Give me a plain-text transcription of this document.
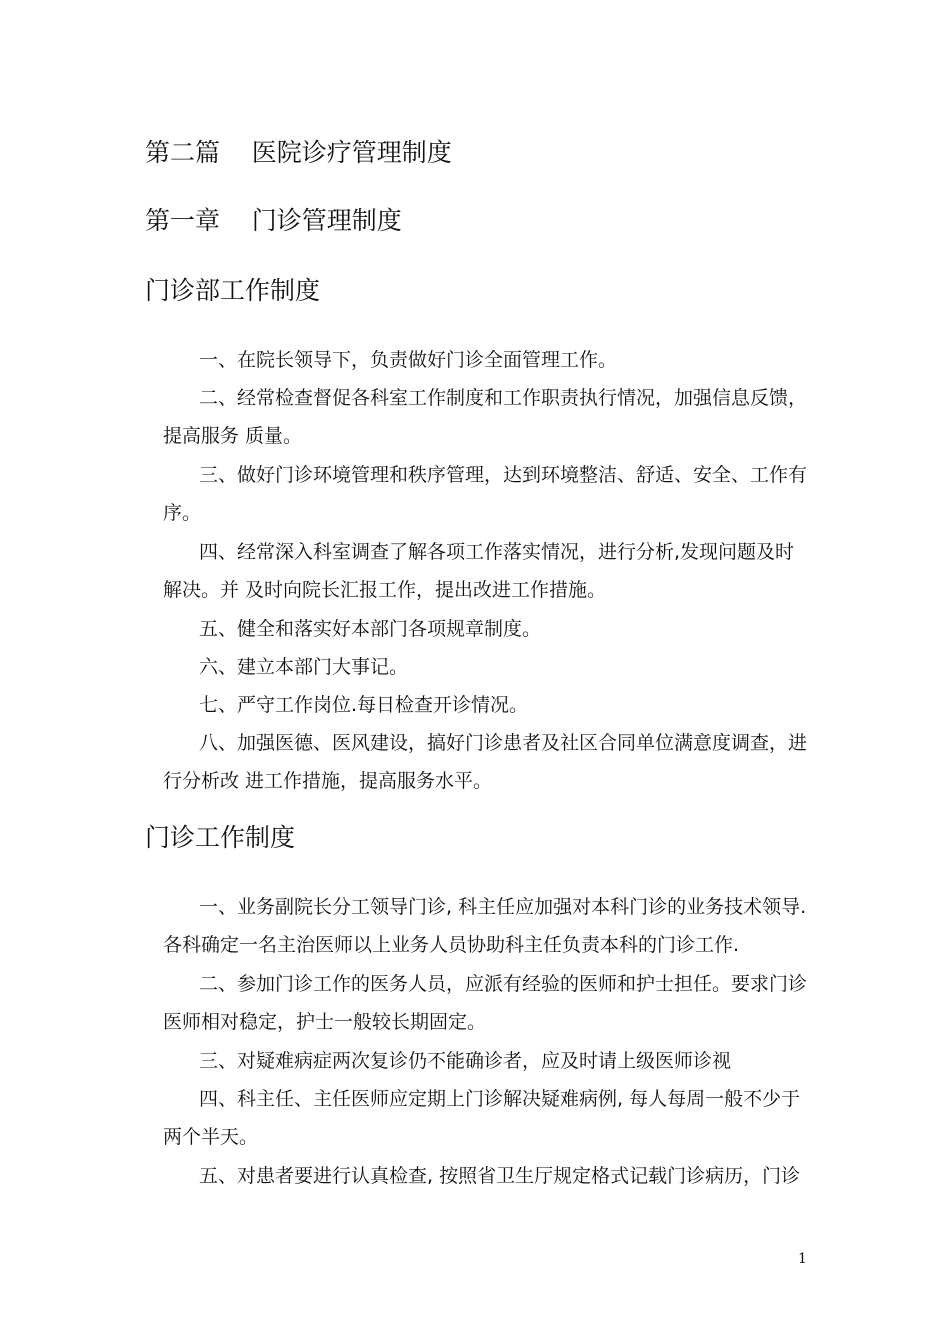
第二篇    医院诊疗管理制度
第一章    门诊管理制度
门诊部工作制度

一、在院长领导下，负责做好门诊全面管理工作。

二、经常检查督促各科室工作制度和工作职责执行情况，加强信息反馈，提高服务 质量。

三、做好门诊环境管理和秩序管理，达到环境整洁、舒适、安全、工作有序。

四、经常深入科室调查了解各项工作落实情况，进行分析,发现问题及时解决。并 及时向院长汇报工作，提出改进工作措施。

五、健全和落实好本部门各项规章制度。

六、建立本部门大事记。

七、严守工作岗位.每日检查开诊情况。

八、加强医德、医风建设，搞好门诊患者及社区合同单位满意度调查，进行分析改 进工作措施，提高服务水平。

门诊工作制度

一、业务副院长分工领导门诊, 科主任应加强对本科门诊的业务技术领导.各科确定一名主治医师以上业务人员协助科主任负责本科的门诊工作.

二、参加门诊工作的医务人员，应派有经验的医师和护士担任。要求门诊医师相对稳定，护士一般较长期固定。

三、对疑难病症两次复诊仍不能确诊者，应及时请上级医师诊视

四、科主任、主任医师应定期上门诊解决疑难病例, 每人每周一般不少于两个半天。

五、对患者要进行认真检查, 按照省卫生厅规定格式记载门诊病历，门诊

1
